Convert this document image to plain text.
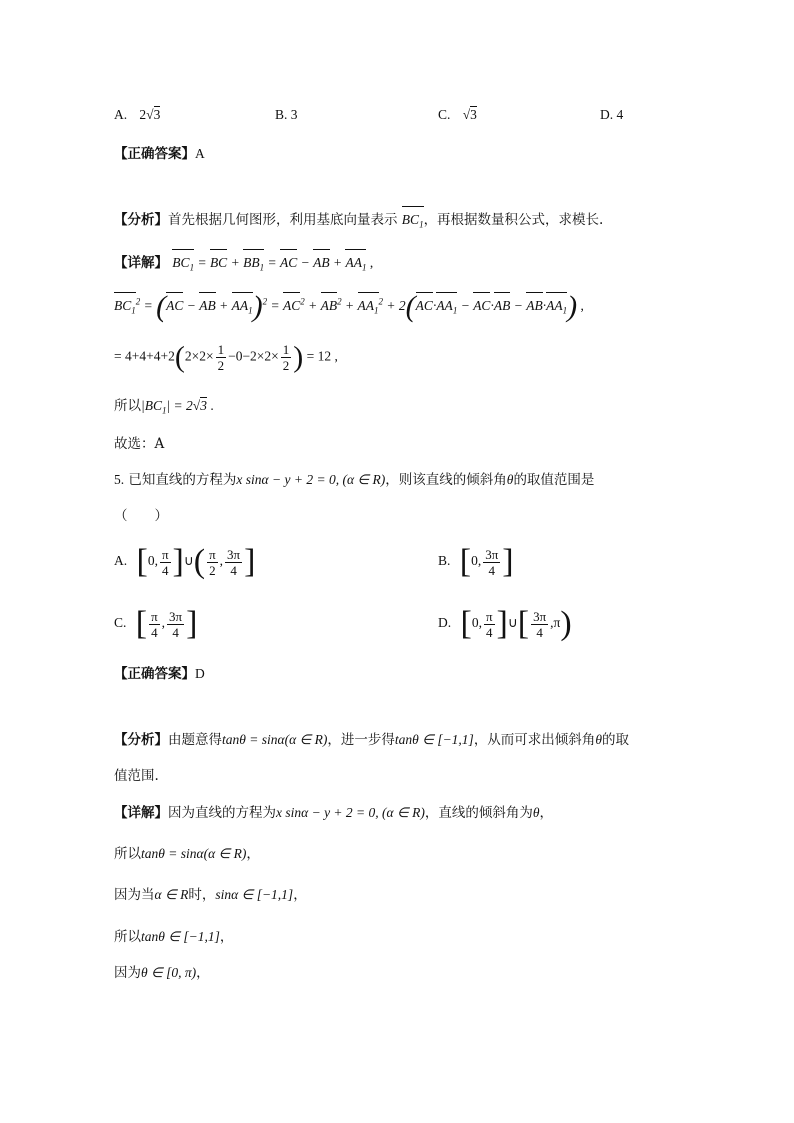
A. 2√3	B. 3	C. √3	D. 4
【正确答案】A
【分析】首先根据几何图形，利用基底向量表示 $BC_1$，再根据数量积公式，求模长.
【详解】 $BC_1$ = BC + $BB_1$ = AC − AB + $AA_1$ ,
$BC_1^2 = (AC$ − AB + $AA_1)^2 = AC^2 + AB^2 + AA_1^2 + 2(AC\cdot AA_1 - AC\cdot AB - AB\cdot AA_1)$ ,
= $4+4+4+2(2\times 2\times \frac{1}{2} -0-2\times 2\times \frac{1}{2}$ ) = 12 ,
所以$|BC_1| = 2√3$ .
故选：A
5. 已知直线的方程为x sinα − y + 2 = 0, (α ∈ R)，则该直线的倾斜角θ的取值范围是
（　　）
A. [0, $\frac{\pi}{4}$ ]∪( $\frac{\pi}{2}$ , $\frac{3\pi}{4}$ ]	B. [0, $\frac{3\pi}{4}$ ]
C. [ $\frac{\pi}{4}$ , $\frac{3\pi}{4}$ ]	D. [0, $\frac{\pi}{4}$ ]∪[ $\frac{3\pi}{4} ,\pi$)
【正确答案】D
【分析】由题意得tanθ = sinα(α ∈ R)，进一步得tanθ ∈ [−1,1]，从而可求出倾斜角θ的取
值范围.
【详解】因为直线的方程为x sinα − y + 2 = 0, (α ∈ R)，直线的倾斜角为θ，
所以tanθ = sinα(α ∈ R)，
因为当α ∈ R时，sinα ∈ [−1,1]，
所以tanθ ∈ [−1,1]，
因为θ ∈ [0, π)，
